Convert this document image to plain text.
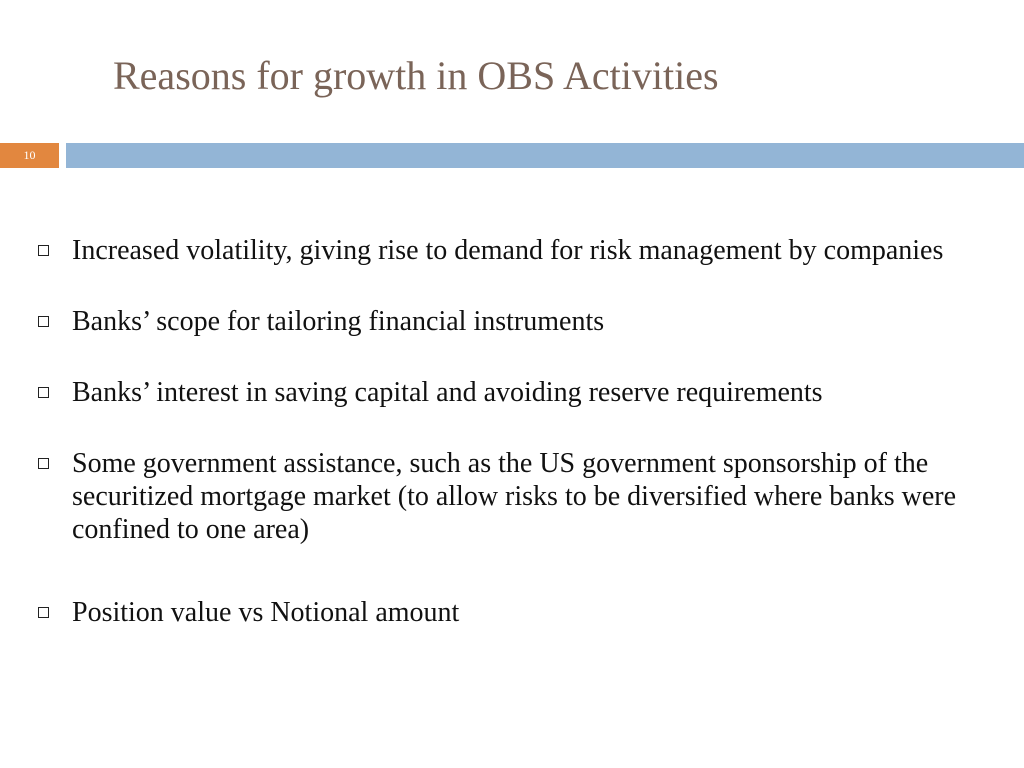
Reasons for growth in OBS Activities
10
Increased volatility, giving rise to demand for risk management by companies
Banks’ scope for tailoring financial instruments
Banks’ interest in saving capital and avoiding reserve requirements
Some government assistance, such as the US government sponsorship of the securitized mortgage market (to allow risks to be diversified where banks were confined to one area)
Position value vs Notional amount
